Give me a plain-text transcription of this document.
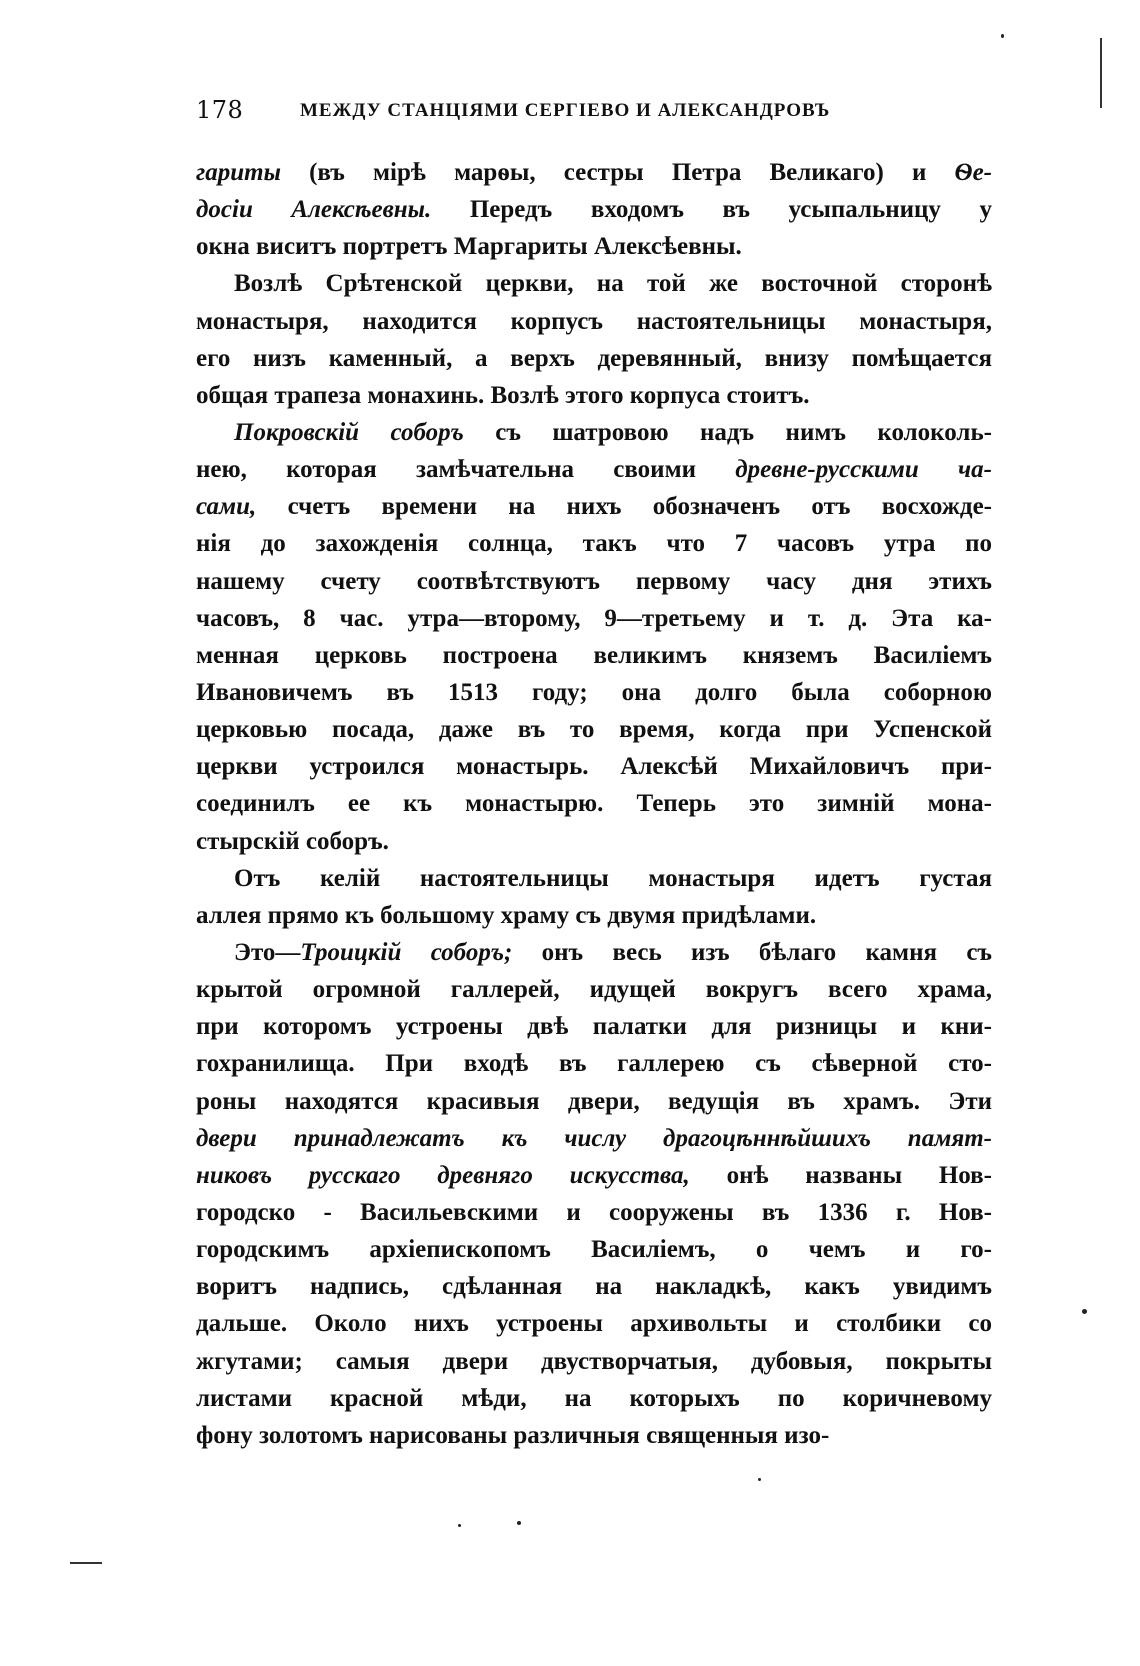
178	МЕЖДУ СТАНЦІЯМИ СЕРГІЕВО И АЛЕКСАНДРОВЪ
гариты (въ мірѣ марѳы, сестры Петра Великаго) и Ѳе-
досіи Алексѣевны. Передъ входомъ въ усыпальницу у
окна виситъ портретъ Маргариты Алексѣевны.
Возлѣ Срѣтенской церкви, на той же восточной сторонѣ
монастыря, находится корпусъ настоятельницы монастыря,
его низъ каменный, а верхъ деревянный, внизу помѣщается
общая трапеза монахинь. Возлѣ этого корпуса стоитъ.
Покровскій соборъ съ шатровою надъ нимъ колоколь-
нею, которая замѣчательна своими древне-русскими ча-
сами, счетъ времени на нихъ обозначенъ отъ восхожде-
нія до захожденія солнца, такъ что 7 часовъ утра по
нашему счету соотвѣтствуютъ первому часу дня этихъ
часовъ, 8 час. утра—второму, 9—третьему и т. д. Эта ка-
менная церковь построена великимъ княземъ Василіемъ
Ивановичемъ въ 1513 году; она долго была соборною
церковью посада, даже въ то время, когда при Успенской
церкви устроился монастырь. Алексѣй Михайловичъ при-
соединилъ ее къ монастырю. Теперь это зимній мона-
стырскій соборъ.
Отъ келій настоятельницы монастыря идетъ густая
аллея прямо къ большому храму съ двумя придѣлами.
Это—Троицкій соборъ; онъ весь изъ бѣлаго камня съ
крытой огромной галлерей, идущей вокругъ всего храма,
при которомъ устроены двѣ палатки для ризницы и кни-
гохранилища. При входѣ въ галлерею съ сѣверной сто-
роны находятся красивыя двери, ведущія въ храмъ. Эти
двери принадлежатъ къ числу драгоцѣннѣйшихъ памят-
никовъ русскаго древняго искусства, онѣ названы Нов-
городско - Васильевскими и сооружены въ 1336 г. Нов-
городскимъ архіепископомъ Василіемъ, о чемъ и го-
воритъ надпись, сдѣланная на накладкѣ, какъ увидимъ
дальше. Около нихъ устроены архивольты и столбики со
жгутами; самыя двери двустворчатыя, дубовыя, покрыты
листами красной мѣди, на которыхъ по коричневому
фону золотомъ нарисованы различныя священныя изо-
